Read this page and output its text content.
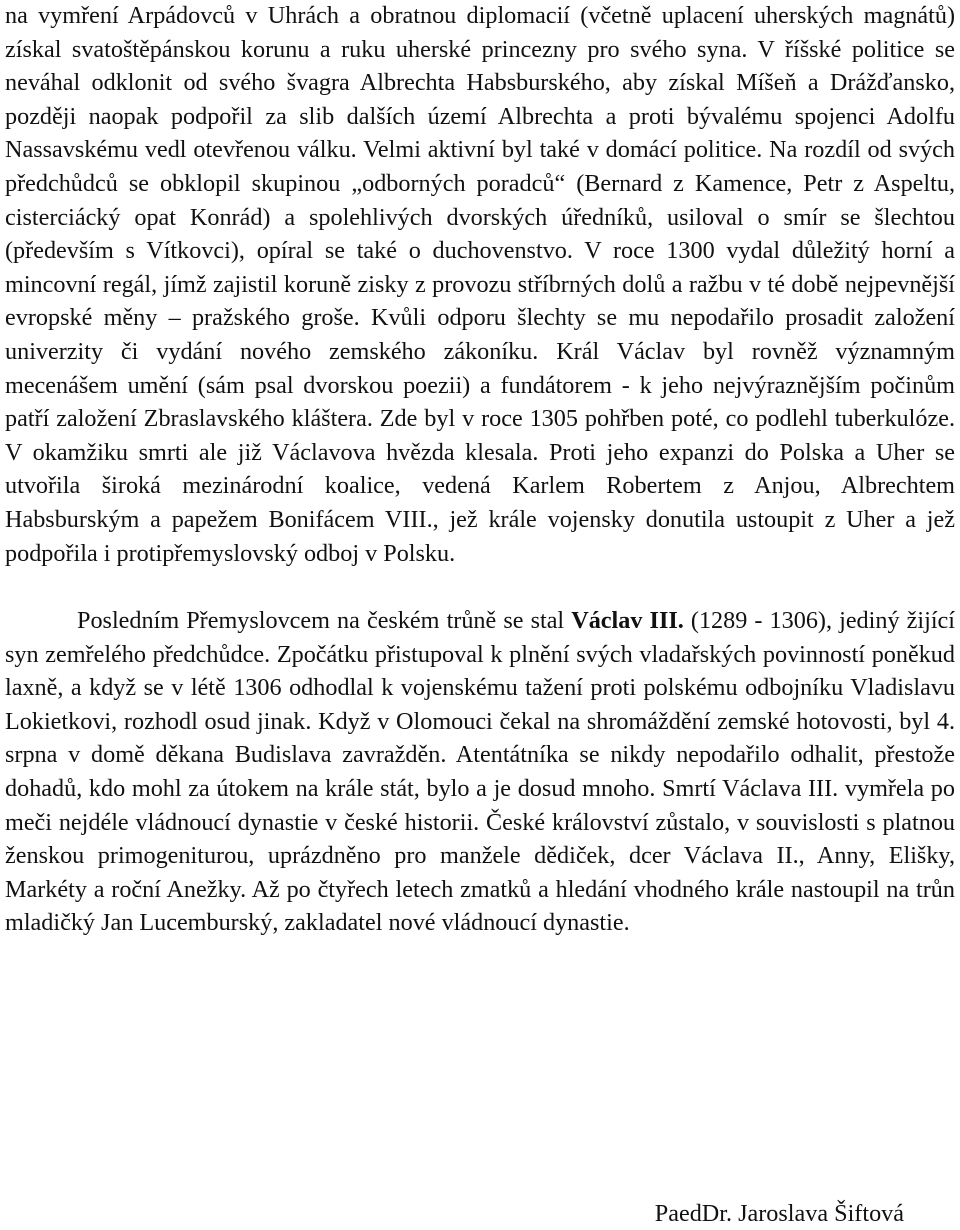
na vymření Arpádovců v Uhrách a obratnou diplomacií (včetně uplacení uherských magnátů) získal svatoštěpánskou korunu a ruku uherské princezny pro svého syna. V říšské politice se neváhal odklonit od svého švagra Albrechta Habsburského, aby získal Míšeň a Drážďansko, později naopak podpořil za slib dalších území Albrechta a proti bývalému spojenci Adolfu Nassavskému vedl otevřenou válku. Velmi aktivní byl také v domácí politice. Na rozdíl od svých předchůdců se obklopil skupinou „odborných poradců“ (Bernard z Kamence, Petr z Aspeltu, cisterciácký opat Konrád) a spolehlivých dvorských úředníků, usiloval o smír se šlechtou (především s Vítkovci), opíral se také o duchovenstvo. V roce 1300 vydal důležitý horní a mincovní regál, jímž zajistil koruně zisky z provozu stříbrných dolů a ražbu v té době nejpevnější evropské měny – pražského groše. Kvůli odporu šlechty se mu nepodařilo prosadit založení univerzity či vydání nového zemského zákoníku. Král Václav byl rovněž významným mecenášem umění (sám psal dvorskou poezii) a fundátorem - k jeho nejvýraznějším počinům patří založení Zbraslavského kláštera. Zde byl v roce 1305 pohřben poté, co podlehl tuberkulóze. V okamžiku smrti ale již Václavova hvězda klesala. Proti jeho expanzi do Polska a Uher se utvořila široká mezinárodní koalice, vedená Karlem Robertem z Anjou, Albrechtem Habsburským a papežem Bonifácem VIII., jež krále vojensky donutila ustoupit z Uher a jež podpořila i protipřemyslovský odboj v Polsku.

Posledním Přemyslovcem na českém trůně se stal Václav III. (1289 - 1306), jediný žijící syn zemřelého předchůdce. Zpočátku přistupoval k plnění svých vladařských povinností poněkud laxně, a když se v létě 1306 odhodlal k vojenskému tažení proti polskému odbojníku Vladislavu Lokietkovi, rozhodl osud jinak. Když v Olomouci čekal na shromáždění zemské hotovosti, byl 4. srpna v domě děkana Budislava zavražděn. Atentátníka se nikdy nepodařilo odhalit, přestože dohadů, kdo mohl za útokem na krále stát, bylo a je dosud mnoho. Smrtí Václava III. vymřela po meči nejdéle vládnoucí dynastie v české historii. České království zůstalo, v souvislosti s platnou ženskou primogeniturou, uprázdněno pro manžele dědiček, dcer Václava II., Anny, Elišky, Markéty a roční Anežky. Až po čtyřech letech zmatků a hledání vhodného krále nastoupil na trůn mladičký Jan Lucemburský, zakladatel nové vládnoucí dynastie.

PaedDr. Jaroslava Šiftová
